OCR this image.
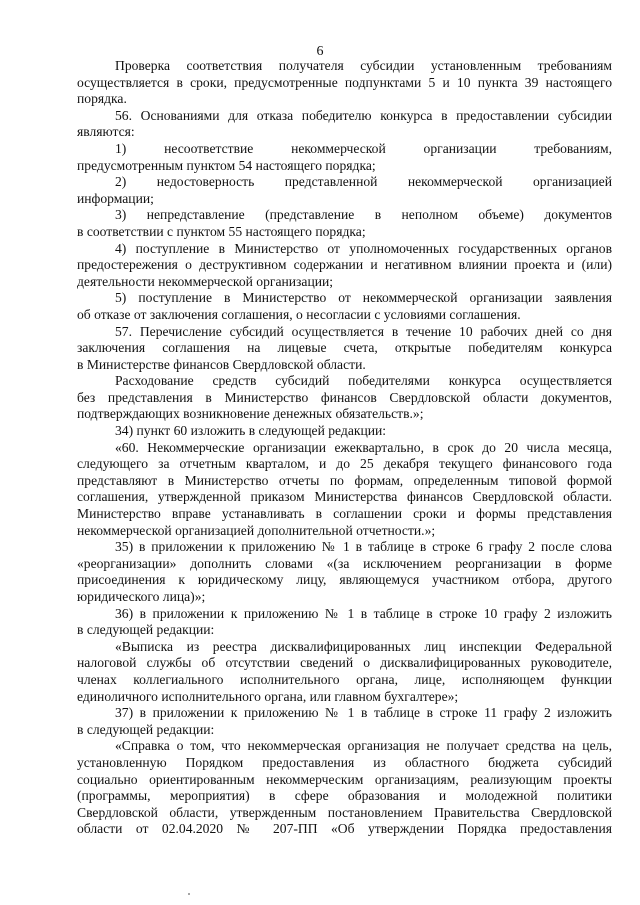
6
Проверка соответствия получателя субсидии установленным требованиям
осуществляется в сроки, предусмотренные подпунктами 5 и 10 пункта 39 настоящего
порядка.
56. Основаниями для отказа победителю конкурса в предоставлении субсидии
являются:
1) несоответствие некоммерческой организации требованиям,
предусмотренным пунктом 54 настоящего порядка;
2) недостоверность представленной некоммерческой организацией
информации;
3) непредставление (представление в неполном объеме) документов
в соответствии с пунктом 55 настоящего порядка;
4) поступление в Министерство от уполномоченных государственных органов
предостережения о деструктивном содержании и негативном влиянии проекта и (или)
деятельности некоммерческой организации;
5) поступление в Министерство от некоммерческой организации заявления
об отказе от заключения соглашения, о несогласии с условиями соглашения.
57. Перечисление субсидий осуществляется в течение 10 рабочих дней со дня
заключения соглашения на лицевые счета, открытые победителям конкурса
в Министерстве финансов Свердловской области.
Расходование средств субсидий победителями конкурса осуществляется
без представления в Министерство финансов Свердловской области документов,
подтверждающих возникновение денежных обязательств.»;
34) пункт 60 изложить в следующей редакции:
«60. Некоммерческие организации ежеквартально, в срок до 20 числа месяца,
следующего за отчетным кварталом, и до 25 декабря текущего финансового года
представляют в Министерство отчеты по формам, определенным типовой формой
соглашения, утвержденной приказом Министерства финансов Свердловской области.
Министерство вправе устанавливать в соглашении сроки и формы представления
некоммерческой организацией дополнительной отчетности.»;
35) в приложении к приложению № 1 в таблице в строке 6 графу 2 после слова
«реорганизации» дополнить словами «(за исключением реорганизации в форме
присоединения к юридическому лицу, являющемуся участником отбора, другого
юридического лица)»;
36) в приложении к приложению № 1 в таблице в строке 10 графу 2 изложить
в следующей редакции:
«Выписка из реестра дисквалифицированных лиц инспекции Федеральной
налоговой службы об отсутствии сведений о дисквалифицированных руководителе,
членах коллегиального исполнительного органа, лице, исполняющем функции
единоличного исполнительного органа, или главном бухгалтере»;
37) в приложении к приложению № 1 в таблице в строке 11 графу 2 изложить
в следующей редакции:
«Справка о том, что некоммерческая организация не получает средства на цель,
установленную Порядком предоставления из областного бюджета субсидий
социально ориентированным некоммерческим организациям, реализующим проекты
(программы, мероприятия) в сфере образования и молодежной политики
Свердловской области, утвержденным постановлением Правительства Свердловской
области от 02.04.2020 № 207-ПП «Об утверждении Порядка предоставления
